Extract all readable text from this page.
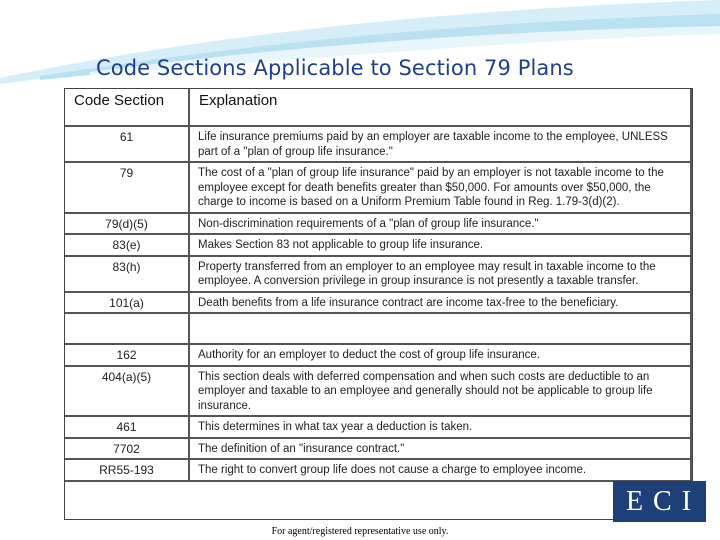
Code Sections Applicable to Section 79 Plans
Code Section	Explanation
61	Life insurance premiums paid by an employer are taxable income to the employee, UNLESS part of a "plan of group life insurance."
79	The cost of a "plan of group life insurance" paid by an employer is not taxable income to the employee except for death benefits greater than $50,000. For amounts over $50,000, the charge to income is based on a Uniform Premium Table found in Reg. 1.79-3(d)(2).
79(d)(5)	Non-discrimination requirements of a "plan of group life insurance."
83(e)	Makes Section 83 not applicable to group life insurance.
83(h)	Property transferred from an employer to an employee may result in taxable income to the employee. A conversion privilege in group insurance is not presently a taxable transfer.
101(a)	Death benefits from a life insurance contract are income tax-free to the beneficiary.

162	Authority for an employer to deduct the cost of group life insurance.
404(a)(5)	This section deals with deferred compensation and when such costs are deductible to an employer and taxable to an employee and generally should not be applicable to group life insurance.
461	This determines in what tax year a deduction is taken.
7702	The definition of an "insurance contract."
RR55-193	The right to convert group life does not cause a charge to employee income.
ECI
For agent/registered representative use only.
